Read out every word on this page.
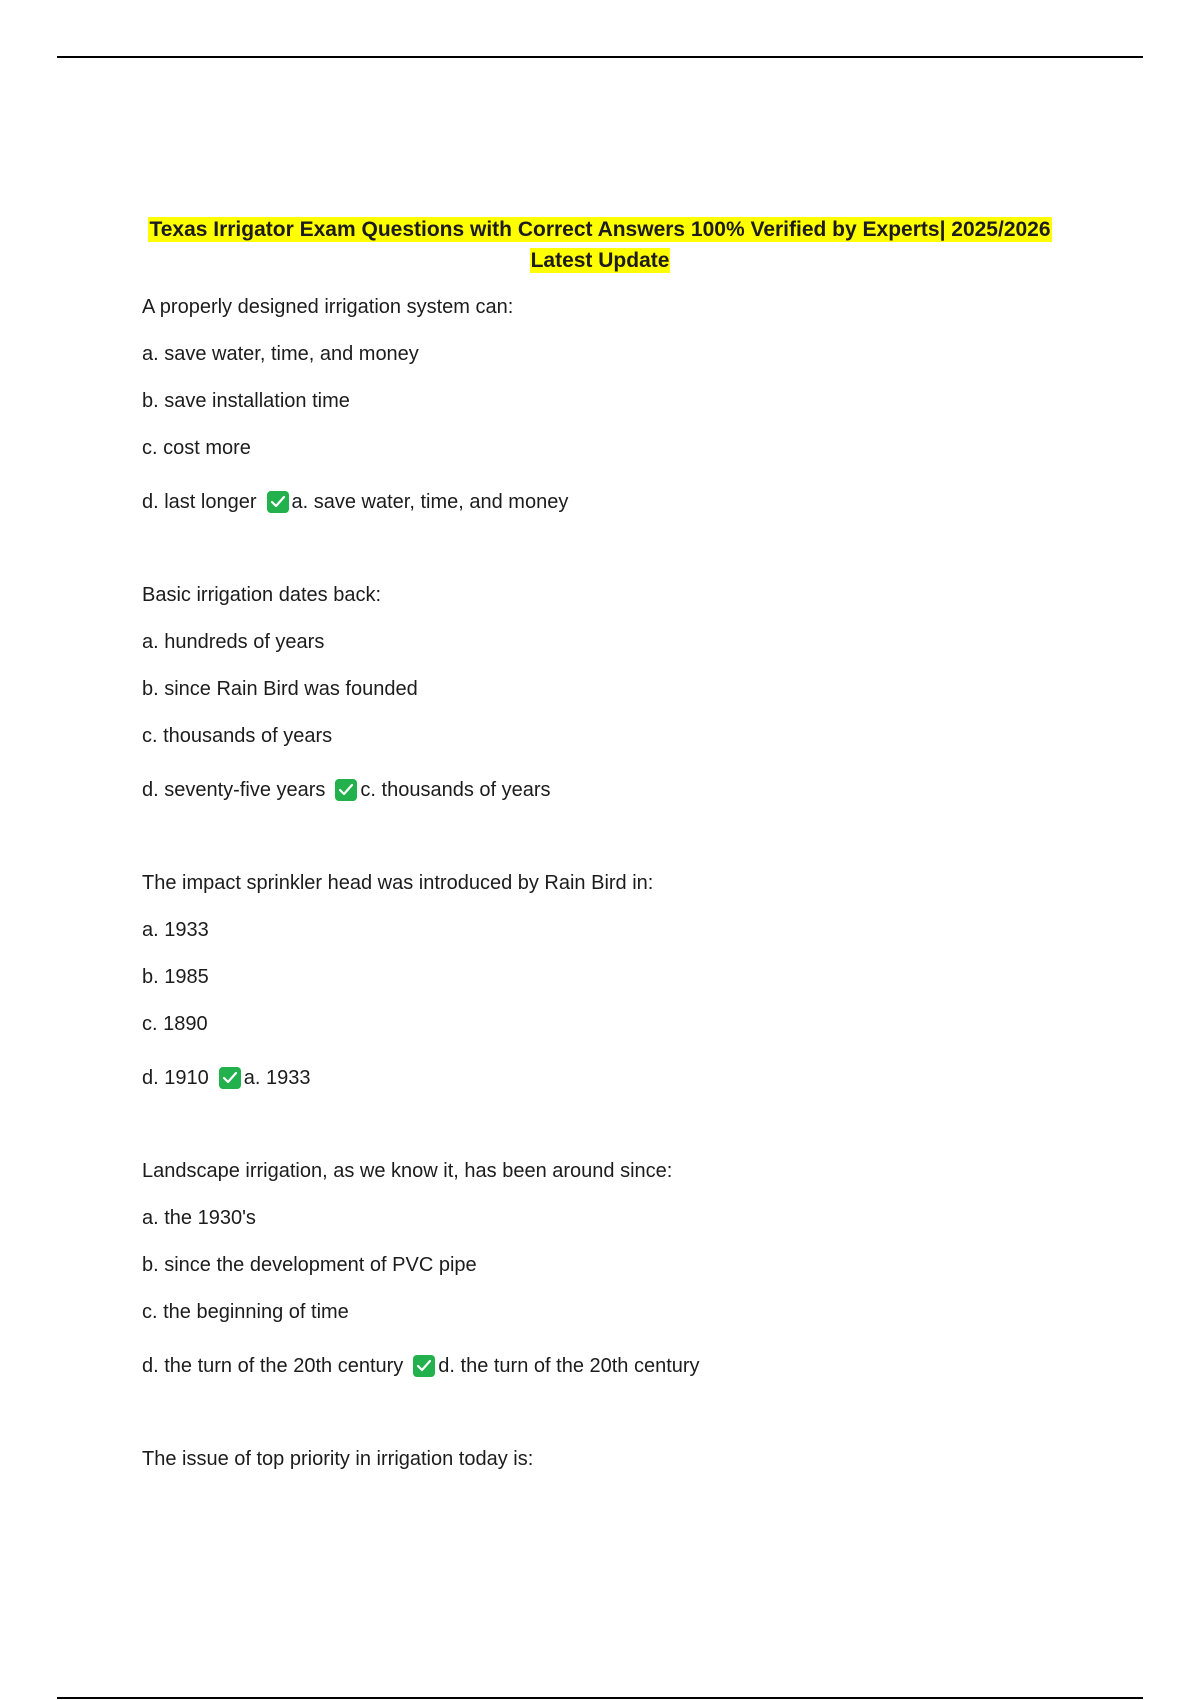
Texas Irrigator Exam Questions with Correct Answers 100% Verified by Experts| 2025/2026
Latest Update
A properly designed irrigation system can:
a. save water, time, and money
b. save installation time
c. cost more
d. last longer a. save water, time, and money
Basic irrigation dates back:
a. hundreds of years
b. since Rain Bird was founded
c. thousands of years
d. seventy-five years c. thousands of years
The impact sprinkler head was introduced by Rain Bird in:
a. 1933
b. 1985
c. 1890
d. 1910 a. 1933
Landscape irrigation, as we know it, has been around since:
a. the 1930's
b. since the development of PVC pipe
c. the beginning of time
d. the turn of the 20th century d. the turn of the 20th century
The issue of top priority in irrigation today is:
